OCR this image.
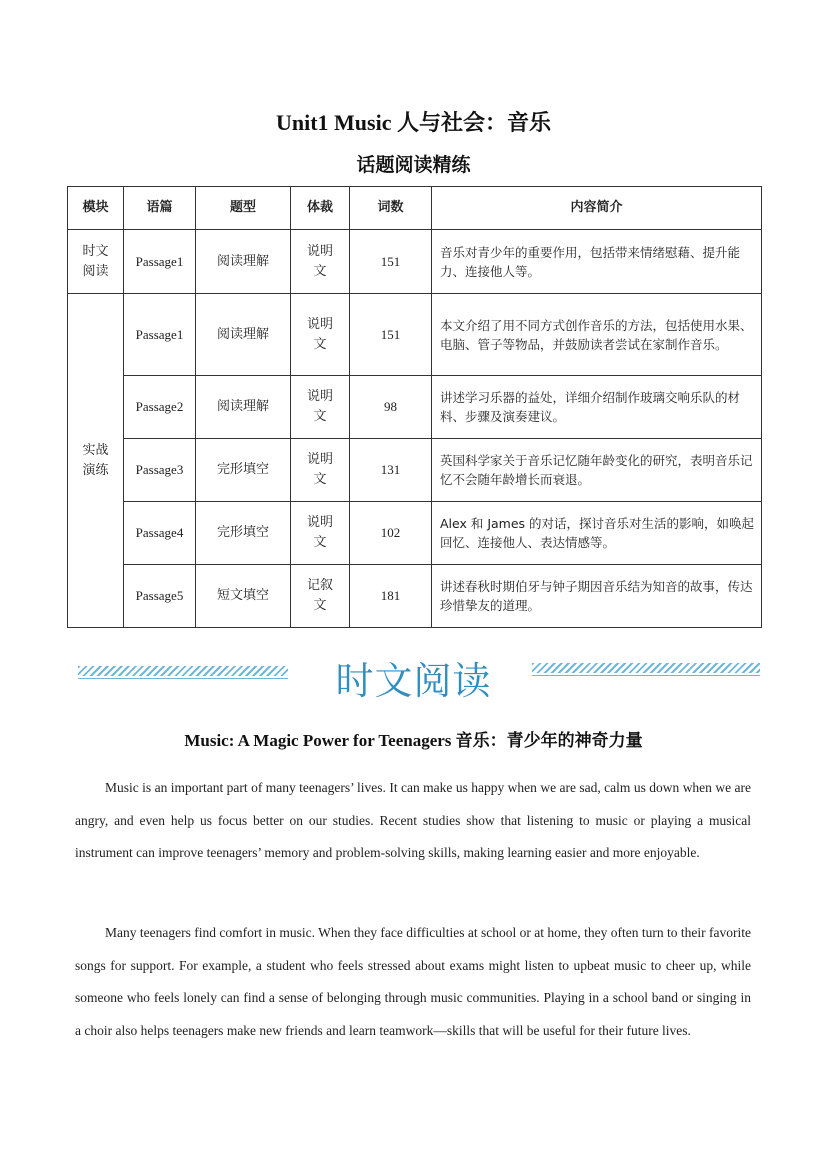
Unit1 Music 人与社会：音乐
话题阅读精练
模块	语篇	题型	体裁	词数	内容简介
时文阅读	Passage1	阅读理解	说明文	151	音乐对青少年的重要作用，包括带来情绪慰藉、提升能力、连接他人等。
实战演练	Passage1	阅读理解	说明文	151	本文介绍了用不同方式创作音乐的方法，包括使用水果、电脑、管子等物品，并鼓励读者尝试在家制作音乐。
	Passage2	阅读理解	说明文	98	讲述学习乐器的益处，详细介绍制作玻璃交响乐队的材料、步骤及演奏建议。
	Passage3	完形填空	说明文	131	英国科学家关于音乐记忆随年龄变化的研究，表明音乐记忆不会随年龄增长而衰退。
	Passage4	完形填空	说明文	102	Alex 和 James 的对话，探讨音乐对生活的影响，如唤起回忆、连接他人、表达情感等。
	Passage5	短文填空	记叙文	181	讲述春秋时期伯牙与钟子期因音乐结为知音的故事，传达珍惜挚友的道理。
时文阅读
Music: A Magic Power for Teenagers 音乐：青少年的神奇力量

Music is an important part of many teenagers’ lives. It can make us happy when we are sad, calm us down when we are angry, and even help us focus better on our studies. Recent studies show that listening to music or playing a musical instrument can improve teenagers’ memory and problem-solving skills, making learning easier and more enjoyable.

Many teenagers find comfort in music. When they face difficulties at school or at home, they often turn to their favorite songs for support. For example, a student who feels stressed about exams might listen to upbeat music to cheer up, while someone who feels lonely can find a sense of belonging through music communities. Playing in a school band or singing in a choir also helps teenagers make new friends and learn teamwork—skills that will be useful for their future lives.
